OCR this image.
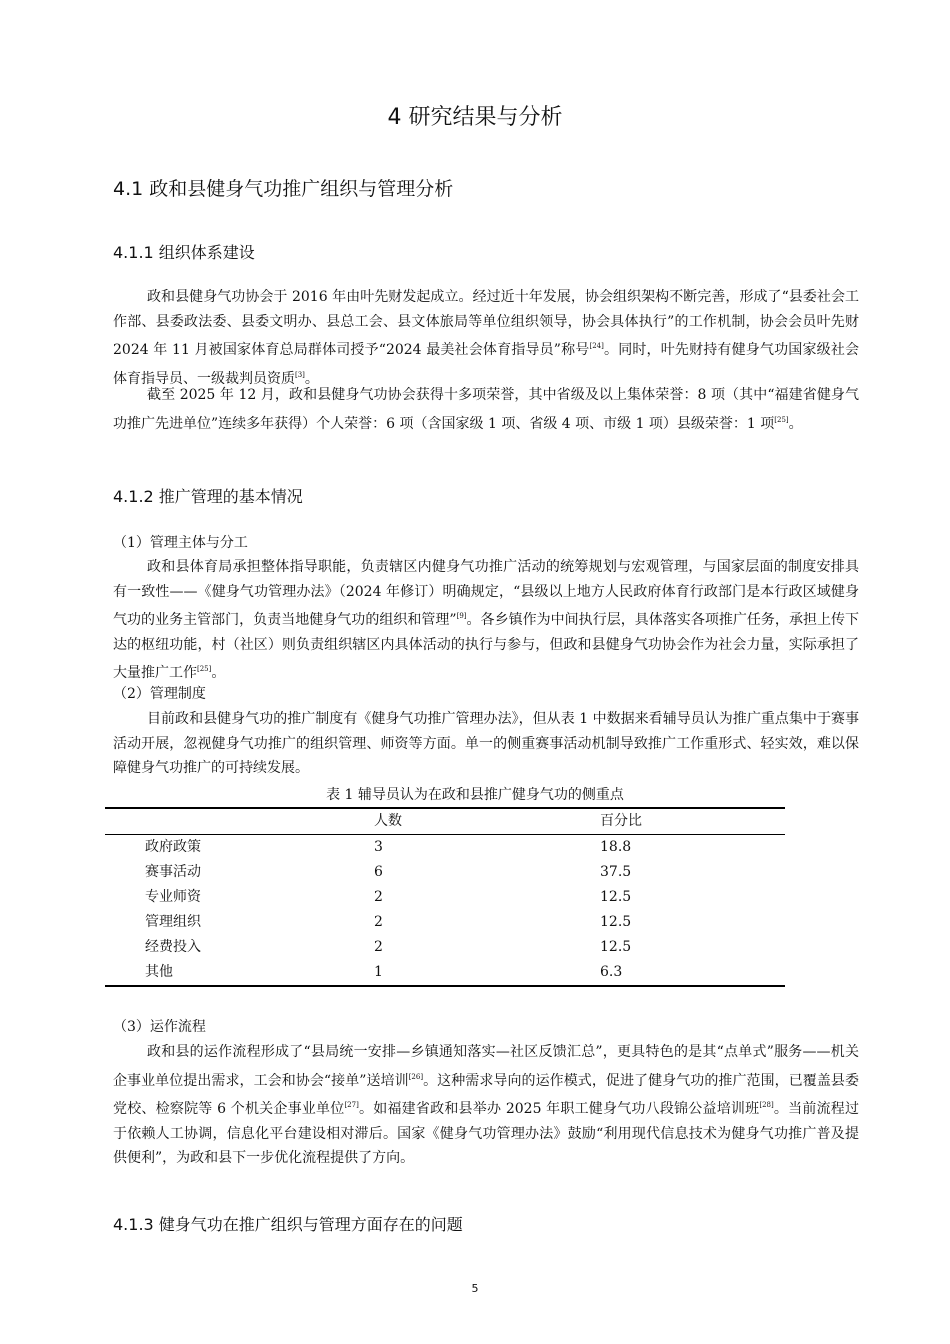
4 研究结果与分析
4.1 政和县健身气功推广组织与管理分析
4.1.1 组织体系建设

政和县健身气功协会于 2016 年由叶先财发起成立。经过近十年发展，协会组织架构不断完善，形成了“县委社会工作部、县委政法委、县委文明办、县总工会、县文体旅局等单位组织领导，协会具体执行”的工作机制，协会会员叶先财 2024 年 11 月被国家体育总局群体司授予“2024 最美社会体育指导员”称号[24]。同时，叶先财持有健身气功国家级社会体育指导员、一级裁判员资质[3]。

截至 2025 年 12 月，政和县健身气功协会获得十多项荣誉，其中省级及以上集体荣誉：8 项（其中“福建省健身气功推广先进单位”连续多年获得）个人荣誉：6 项（含国家级 1 项、省级 4 项、市级 1 项）县级荣誉：1 项[25]。

4.1.2 推广管理的基本情况

（1）管理主体与分工

政和县体育局承担整体指导职能，负责辖区内健身气功推广活动的统筹规划与宏观管理，与国家层面的制度安排具有一致性——《健身气功管理办法》（2024 年修订）明确规定，“县级以上地方人民政府体育行政部门是本行政区域健身气功的业务主管部门，负责当地健身气功的组织和管理”[9]。各乡镇作为中间执行层，具体落实各项推广任务，承担上传下达的枢纽功能，村（社区）则负责组织辖区内具体活动的执行与参与，但政和县健身气功协会作为社会力量，实际承担了大量推广工作[25]。

（2）管理制度

目前政和县健身气功的推广制度有《健身气功推广管理办法》，但从表 1 中数据来看辅导员认为推广重点集中于赛事活动开展，忽视健身气功推广的组织管理、师资等方面。单一的侧重赛事活动机制导致推广工作重形式、轻实效，难以保障健身气功推广的可持续发展。

表 1 辅导员认为在政和县推广健身气功的侧重点
	人数	百分比
政府政策	3	18.8
赛事活动	6	37.5
专业师资	2	12.5
管理组织	2	12.5
经费投入	2	12.5
其他	1	6.3

（3）运作流程

政和县的运作流程形成了“县局统一安排—乡镇通知落实—社区反馈汇总”，更具特色的是其“点单式”服务——机关企事业单位提出需求，工会和协会“接单”送培训[26]。这种需求导向的运作模式，促进了健身气功的推广范围，已覆盖县委党校、检察院等 6 个机关企事业单位[27]。如福建省政和县举办 2025 年职工健身气功八段锦公益培训班[28]。当前流程过于依赖人工协调，信息化平台建设相对滞后。国家《健身气功管理办法》鼓励“利用现代信息技术为健身气功推广普及提供便利”，为政和县下一步优化流程提供了方向。

4.1.3 健身气功在推广组织与管理方面存在的问题
5
